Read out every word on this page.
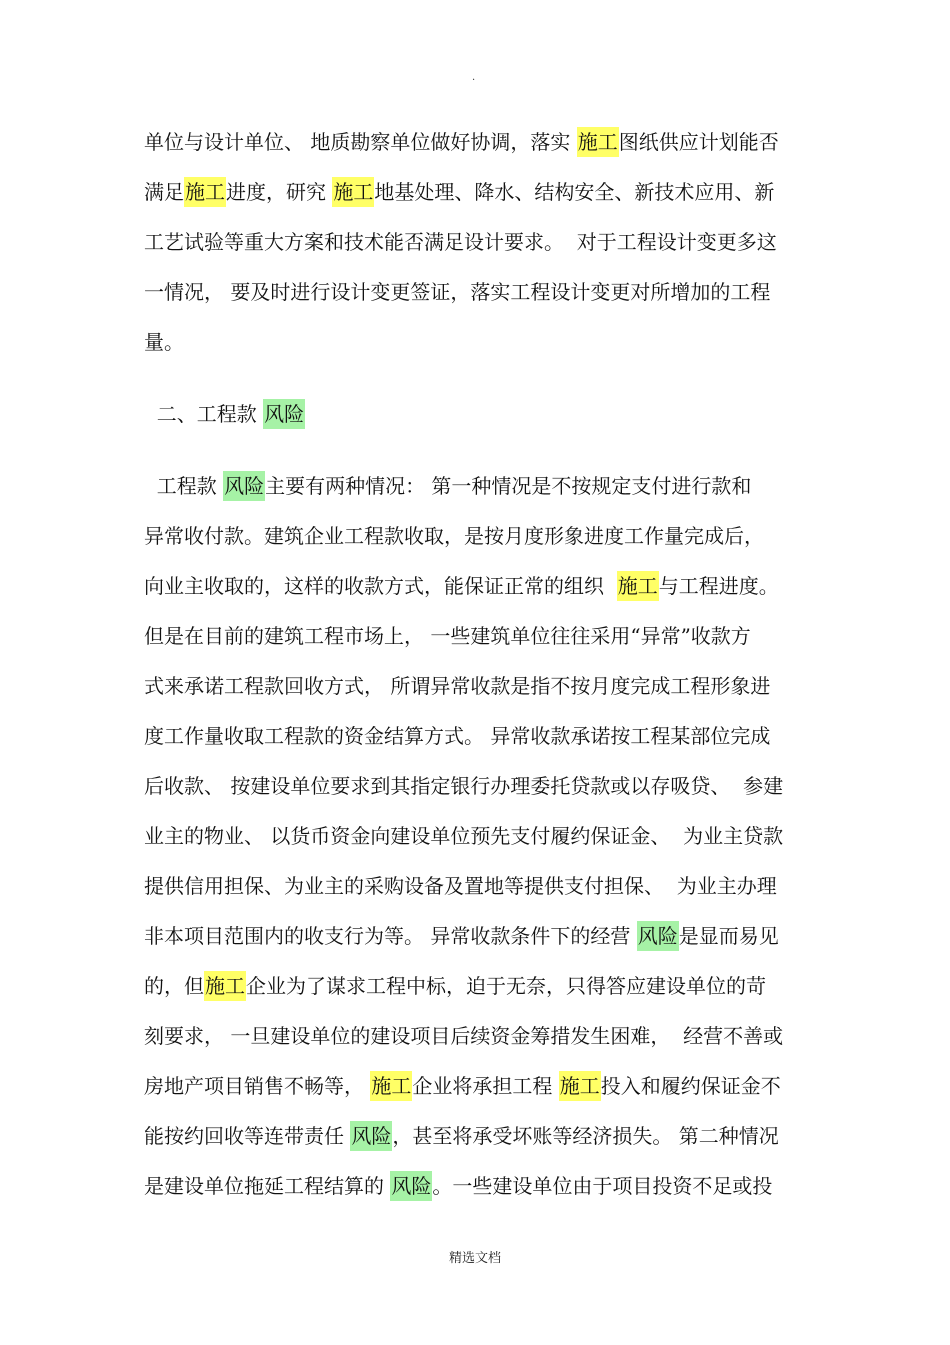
.
单位与设计单位、 地质勘察单位做好协调，落实 施工图纸供应计划能否
满足施工进度，研究 施工地基处理、降水、结构安全、新技术应用、新
工艺试验等重大方案和技术能否满足设计要求。  对于工程设计变更多这
一情况， 要及时进行设计变更签证，落实工程设计变更对所增加的工程
量。
二、工程款 风险
工程款 风险主要有两种情况： 第一种情况是不按规定支付进行款和
异常收付款。建筑企业工程款收取，是按月度形象进度工作量完成后，
向业主收取的，这样的收款方式，能保证正常的组织  施工与工程进度。
但是在目前的建筑工程市场上， 一些建筑单位往往采用“异常”收款方
式来承诺工程款回收方式， 所谓异常收款是指不按月度完成工程形象进
度工作量收取工程款的资金结算方式。 异常收款承诺按工程某部位完成
后收款、 按建设单位要求到其指定银行办理委托贷款或以存吸贷、  参建
业主的物业、 以货币资金向建设单位预先支付履约保证金、  为业主贷款
提供信用担保、为业主的采购设备及置地等提供支付担保、  为业主办理
非本项目范围内的收支行为等。 异常收款条件下的经营 风险是显而易见
的，但施工企业为了谋求工程中标，迫于无奈，只得答应建设单位的苛
刻要求， 一旦建设单位的建设项目后续资金筹措发生困难，  经营不善或
房地产项目销售不畅等， 施工企业将承担工程 施工投入和履约保证金不
能按约回收等连带责任 风险，甚至将承受坏账等经济损失。 第二种情况
是建设单位拖延工程结算的 风险。一些建设单位由于项目投资不足或投
精选文档
